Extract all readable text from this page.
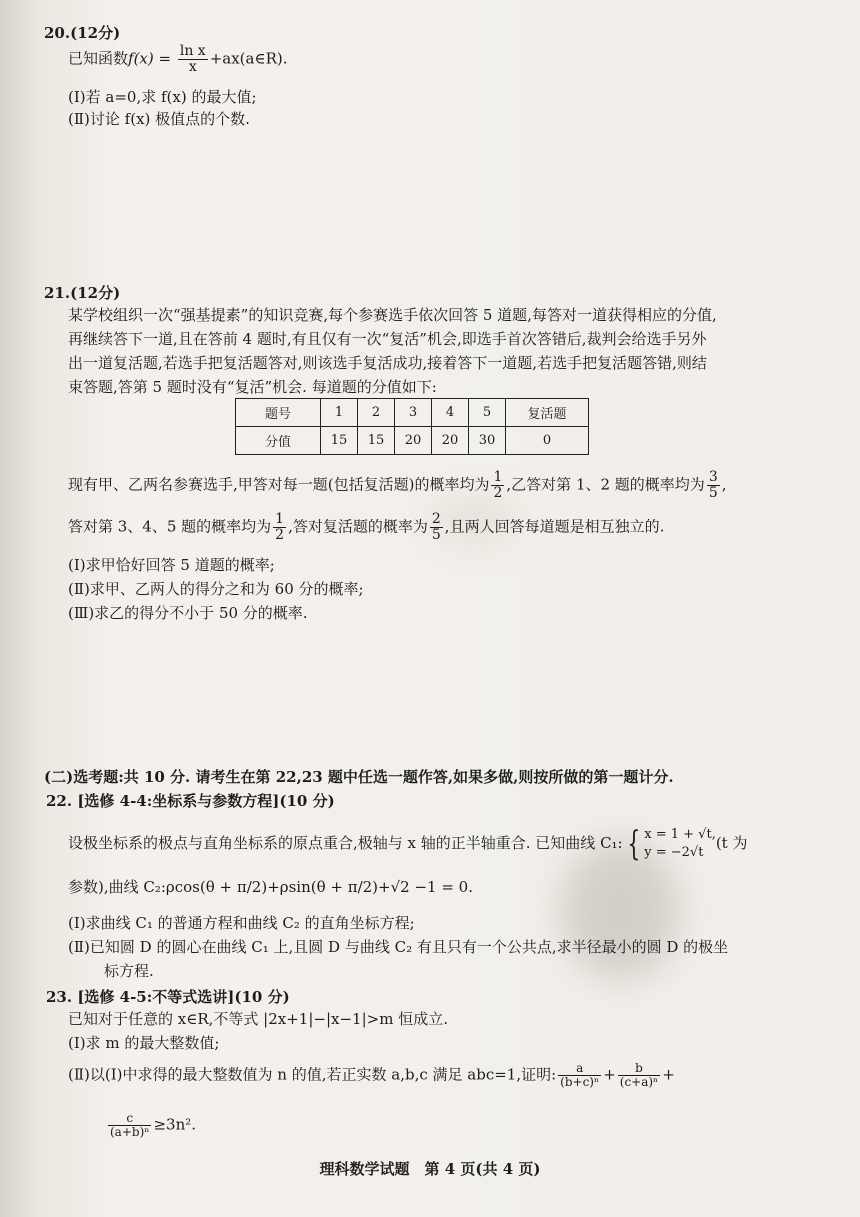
20.(12分)
已知函数$f(x) = \frac{\text{ln x}}{x}$ +ax(a∈R).
(Ⅰ)若 a=0,求 f(x) 的最大值;
(Ⅱ)讨论 f(x) 极值点的个数.
21.(12分)
某学校组织一次“强基提素”的知识竞赛,每个参赛选手依次回答 5 道题,每答对一道获得相应的分值,
再继续答下一道,且在答前 4 题时,有且仅有一次“复活”机会,即选手首次答错后,裁判会给选手另外
出一道复活题,若选手把复活题答对,则该选手复活成功,接着答下一道题,若选手把复活题答错,则结
束答题,答第 5 题时没有“复活”机会. 每道题的分值如下:
题号	1	2	3	4	5	复活题
分值	15	15	20	20	30	0
现有甲、乙两名参赛选手,甲答对每一题(包括复活题)的概率均为 $\frac{1}{2}$ ,乙答对第 1、2 题的概率均为 $\frac{3}{5}$ ,
答对第 3、4、5 题的概率均为 $\frac{1}{2}$ ,答对复活题的概率为 $\frac{2}{5}$ ,且两人回答每道题是相互独立的.
(Ⅰ)求甲恰好回答 5 道题的概率;
(Ⅱ)求甲、乙两人的得分之和为 60 分的概率;
(Ⅲ)求乙的得分不小于 50 分的概率.
(二)选考题:共 10 分. 请考生在第 22,23 题中任选一题作答,如果多做,则按所做的第一题计分.
22. [选修 4-4:坐标系与参数方程](10 分)
设极坐标系的极点与直角坐标系的原点重合,极轴与 x 轴的正半轴重合. 已知曲线 C₁: { x = 1 + √t,
y = −2√t(t 为
参数),曲线 C₂:ρcos(θ + π/2)+ρsin(θ + π/2)+√2 −1 = 0.
(Ⅰ)求曲线 C₁ 的普通方程和曲线 C₂ 的直角坐标方程;
(Ⅱ)已知圆 D 的圆心在曲线 C₁ 上,且圆 D 与曲线 C₂ 有且只有一个公共点,求半径最小的圆 D 的极坐
标方程.
23. [选修 4-5:不等式选讲](10 分)
已知对于任意的 x∈R,不等式 |2x+1|−|x−1|>m 恒成立.
(Ⅰ)求 m 的最大整数值;
(Ⅱ)以(Ⅰ)中求得的最大整数值为 n 的值,若正实数 a,b,c 满足 abc=1,证明: $\frac{a}{\text{(b+c)ⁿ}} + \frac{b}{\text{(c+a)ⁿ}}$ +
$\frac{c}{\text{(a+b)ⁿ}} \ge 3n^2$.
理科数学试题　第 4 页(共 4 页)
